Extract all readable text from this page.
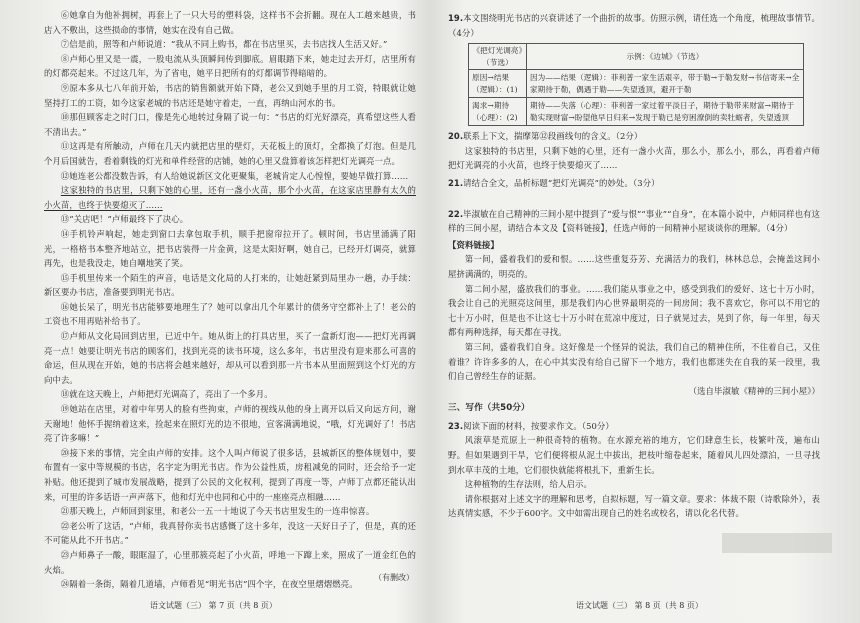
⑥她拿自为他补拥树，再套上了一只大号的塑料袋，这样书不会折翻。现在人工越来越贵，书店入不敷出，这些损命的事情，她实在没有自己做。

⑦信是前，照等和卢师说道：“我从不同上购书，都在书店里买，去书店找人生活又好。”

⑧卢师心里又是一震，一股电流从头顶瞬间传到脚底。眉眼踏下来，她走过去开灯，店里所有的灯都亮起来。不过这几年，为了省电，她平日把所有的灯都调节得暗暗的。

⑨原本多从七八年前开始，书店的销售额就开始下降，老公又到她手里的月工资，特眼就让她坚持打工的工资，如今这家老城的书店还是她守着走，一直，再纳山河水的书。

⑩那但顾客走之时门口，像是先心地转过身隔了说一句：“书店的灯光好漂亮，真希望这些人看不清出去。”

⑪这再是有所触动，卢师在几天内就把店里的壁灯，天花板上的顶灯，全都换了灯泡。但是几个月后国就告，看着剩钱的灯光和单件经营的店铺，她的心里又盘算着该怎样把灯光调亮一点。

⑫她连老公都没数告诉，有人给她说新区文化更聚集，老城肯定人心惶惶，要她早做打算……

这家独特的书店里，只剩下她的心里，还有一盏小火苗，那个小火苗，在这家店里静有太久的小火苗，也终于快要熄灭了……

⑬“关店吧！”卢师最终下了决心。

⑭手机铃声响起，她走到窗口去拿包取手机，顺手把窗帘拉开了。顿时间，书店里涌满了阳光，一格格书本整齐地站立，把书店装得一片金黄，这是太阳好啊，她自己，已经开灯调亮，就算再先，也是我没走，她自嘲地笑了笑。

⑮手机里传来一个陌生的声音，电话是文化局的人打来的，让她赶紧到局里办一趟，办手续：新区要办书店，准备要到明光书店。

⑯她长呆了，明光书店能够要地理生了？她可以拿出几个年累计的债务守空都补上了！老公的工资也不用再贴补给书了。

⑰卢师从文化局回到店里，已近中午。她从街上的打具店里，买了一盒新灯泡——把灯光再调亮一点！她要让明光书店的顾客们，找到光亮的读书环境，这么多年，书店里没有迎来那么可喜的命运，但从现在开始，她的书店将会越来越好，却从可以看到那一片书本从里面照到这个灯光的方向中去。

⑱就在这天晚上，卢师把灯光调高了，亮出了一个多月。

⑲她站在店里，对着中年男人的脸有些拘束，卢师的视线从他的身上离开以后又向远方问，谢天谢地！他怀手握纳着这来，捡起来在照灯光的边不很地，宣客满满地说，“哦，灯光调好了！书店亮了许多嘛！”

⑳接下来的事情，完全由卢师的安排。这个人叫卢师说了很多话，县城新区的整体规划中，要布置有一家中等规模的书店，名字定为明光书店。作为公益性质，房租减免的同时，还会给予一定补贴。他还提到了城市发展战略，提到了公民的文化权利，提到了再度一等，卢师丁点都还能认出来，可里的许多话语一声声落下，他和灯光中也同和心中的一座座亮点相融……

㉑那天晚上，卢师回到家里，和老公一五一十地说了今天书店里发生的一连串惊喜。

㉒老公听了这话，“卢师，我真替你卖书店感慨了这十多年，没这一天好日子了，但是，真的还不可能从此不开书店。”

㉓卢师鼻子一酸，眼眶湿了，心里那簇亮起了小火苗，呼地一下蹿上来，照成了一道金红色的火焰。

㉔隔着一条街，隔着几道墙，卢师看见“明光书店”四个字，在夜空里熠熠燃亮。

（有删改）
语文试题（三） 第 7 页（共 8 页）

19.本文围绕明光书店的兴衰讲述了一个曲折的故事。仿照示例，请任选一个角度，梳理故事情节。（4分）

《把灯光调亮》（节选）	示例：《边城》（节选）
原因→结果（逻辑）：(1)	因为——结果（逻辑）：菲利普一家生活艰辛，带于勒→于勒发财→书信寄来→全家期待于勒，偶遇于勒——失望透顶，避开于勒
渴求→期待（心理）：(2)	期待——失落（心理）：菲利普一家过着平淡日子，期待于勒带来财富→期待于勒实现财富→盼望他早日归来→发现于勒已是穷困潦倒的卖牡蛎者，失望透顶

20.联系上下文，揣摩第⑫段画线句的含义。（2分）

这家独特的书店里，只剩下她的心里，还有一盏小火苗，那么小，那么小，那么，再看着卢师把灯光调亮的小火苗，也终于快要熄灭了……

21.请结合全文，品析标题“把灯光调亮”的妙处。（3分）

22.毕淑敏在自己精神的三间小屋中提到了“爱与恨”“事业”“自身”，在本篇小说中，卢师同样也有这样的三间小屋，请结合本文及【资料链接】，任选卢师的一间精神小屋谈谈你的理解。（4分）

【资料链接】

第一间，盛着我们的爱和恨。……这些重复芬芳、充满活力的我们，林林总总，会掩盖这间小屋挤满满的，明亮的。

第二间小屋，盛放我们的事业。……我们能从事业之中，感受到我们的爱好、这七十万小时，我会让自己的光照亮这间里，那是我们内心世界最明亮的一间房间；我不喜欢它，你可以不用它的七十万小时，但是也不让这七十万小时在荒凉中度过，日子就晃过去，晃到了你，每一年里，每天都有两种选择，每天都在寻找。

第三间，盛着我们自身。这好像是一个怪异的说法，我们自己的精神住所，不住着自己，又住着谁？许许多多的人，在心中其实没有给自己留下一个地方，我们也都迷失在自我的某一段里，我们自己曾经生存的证据。

（选自毕淑敏《精神的三间小屋》）

三、写作（共50分）

23.阅读下面的材料，按要求作文。（50分）

风滚草是荒原上一种很奇特的植物。在水源充裕的地方，它们肆意生长，枝繁叶茂，遍布山野。但如果遇到干旱，它们便将根从泥土中拔出，把枝叶缩卷起来，随着风儿四处漂泊，一旦寻找到水草丰茂的土地，它们很快就能将根扎下，重新生长。

这种植物的生存法则，给人启示。

请你根据对上述文字的理解和思考，自拟标题，写一篇文章。要求：体裁不限（诗歌除外），表达真情实感，不少于600字。文中如需出现自己的姓名或校名，请以化名代替。

语文试题（三） 第 8 页（共 8 页）
